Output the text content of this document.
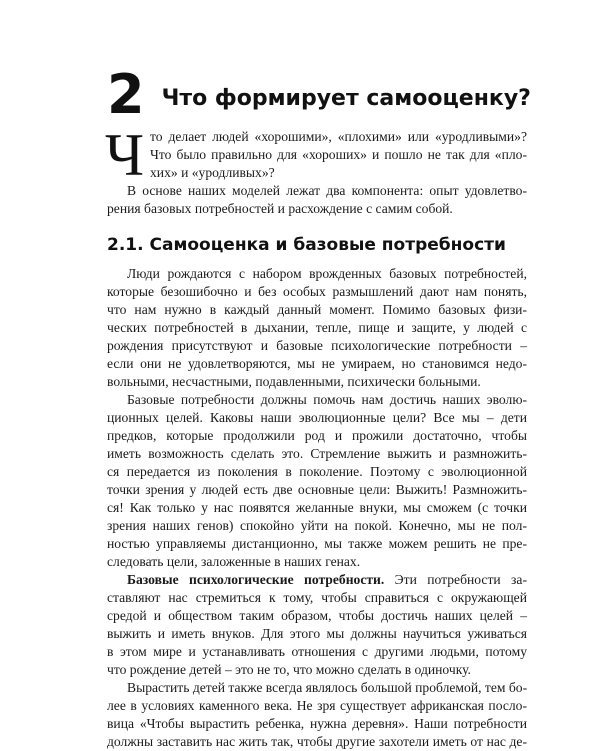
2 Что формирует самооценку?
Ч то делает людей «хорошими», «плохими» или «уродливыми»?
Что было правильно для «хороших» и пошло не так для «пло-
хих» и «уродливых»?
В основе наших моделей лежат два компонента: опыт удовлетво-
рения базовых потребностей и расхождение с самим собой.
2.1. Самооценка и базовые потребности
Люди рождаются с набором врожденных базовых потребностей,
которые безошибочно и без особых размышлений дают нам понять,
что нам нужно в каждый данный момент. Помимо базовых физи-
ческих потребностей в дыхании, тепле, пище и защите, у людей с
рождения присутствуют и базовые психологические потребности –
если они не удовлетворяются, мы не умираем, но становимся недо-
вольными, несчастными, подавленными, психически больными.
Базовые потребности должны помочь нам достичь наших эволю-
ционных целей. Каковы наши эволюционные цели? Все мы – дети
предков, которые продолжили род и прожили достаточно, чтобы
иметь возможность сделать это. Стремление выжить и размножить-
ся передается из поколения в поколение. Поэтому с эволюционной
точки зрения у людей есть две основные цели: Выжить! Размножить-
ся! Как только у нас появятся желанные внуки, мы сможем (с точки
зрения наших генов) спокойно уйти на покой. Конечно, мы не пол-
ностью управляемы дистанционно, мы также можем решить не пре-
следовать цели, заложенные в наших генах.
Базовые психологические потребности. Эти потребности за-
ставляют нас стремиться к тому, чтобы справиться с окружающей
средой и обществом таким образом, чтобы достичь наших целей –
выжить и иметь внуков. Для этого мы должны научиться уживаться
в этом мире и устанавливать отношения с другими людьми, потому
что рождение детей – это не то, что можно сделать в одиночку.
Вырастить детей также всегда являлось большой проблемой, тем бо-
лее в условиях каменного века. Не зря существует африканская посло-
вица «Чтобы вырастить ребенка, нужна деревня». Наши потребности
должны заставить нас жить так, чтобы другие захотели иметь от нас де-
